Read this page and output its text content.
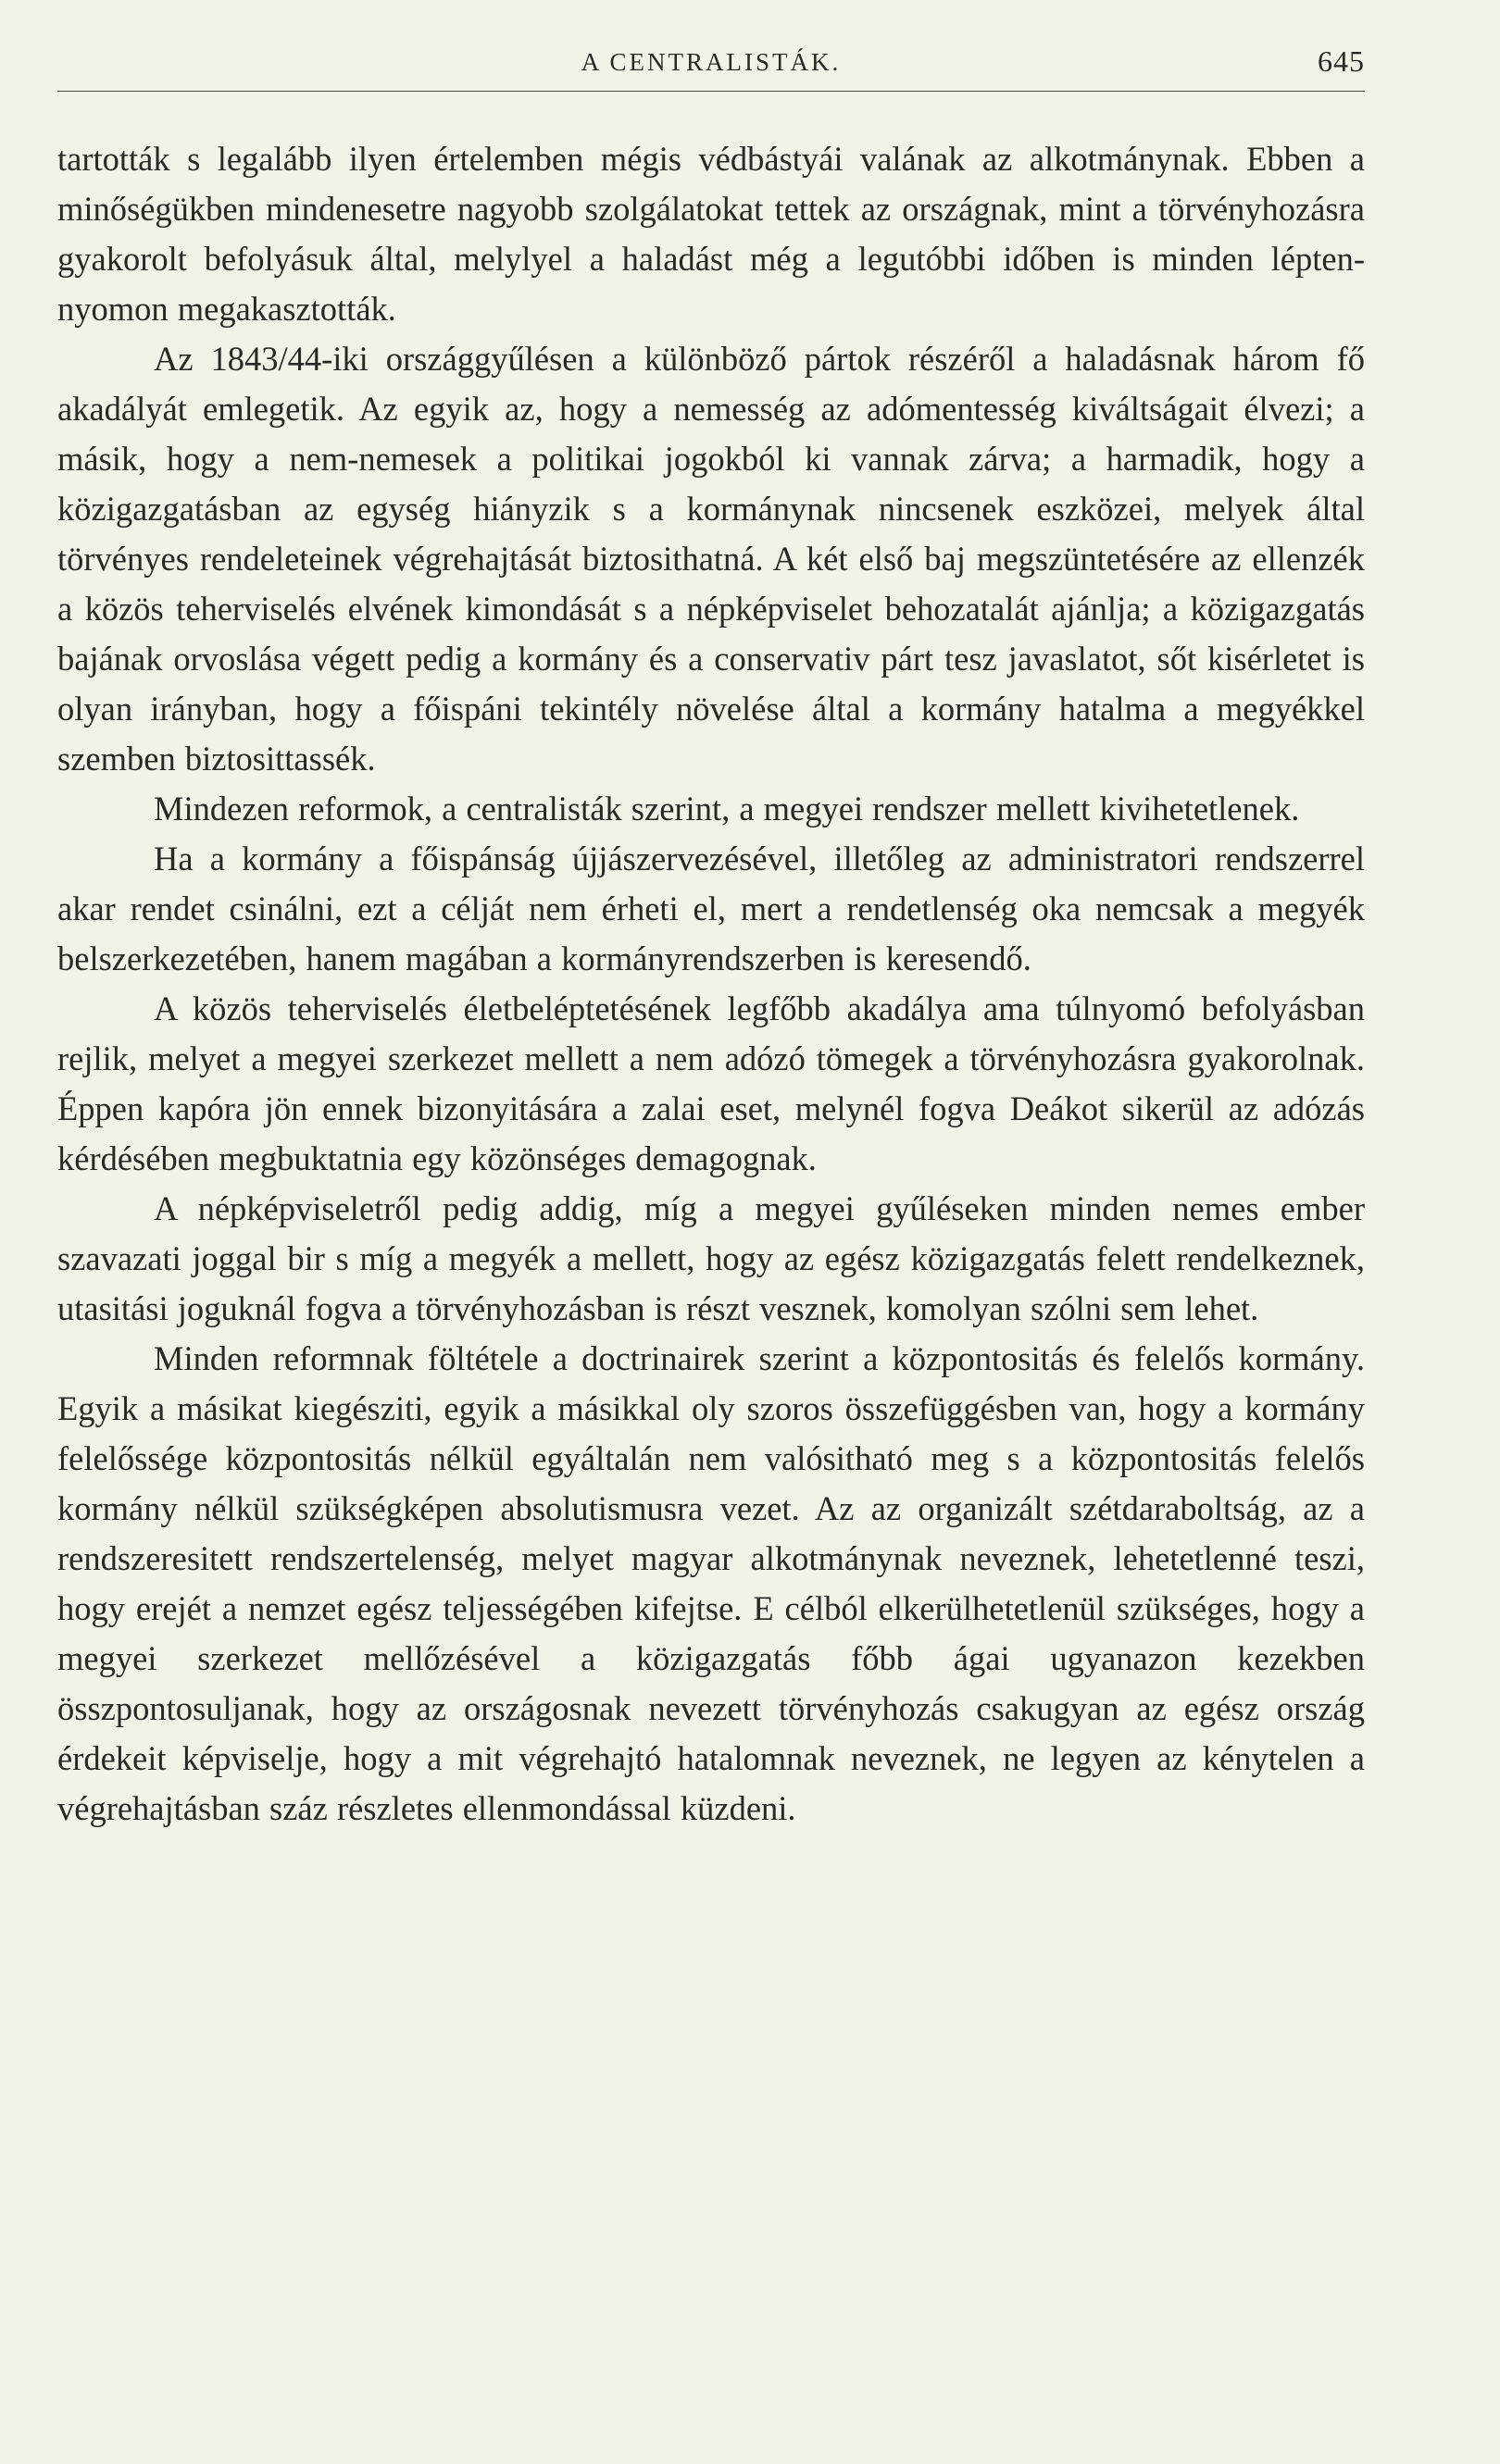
A CENTRALISTÁK.	645

tartották s legalább ilyen értelemben mégis védbástyái valának az alkotmánynak. Ebben a minőségükben mindenesetre nagyobb szolgálatokat tettek az országnak, mint a törvényhozásra gyakorolt befolyásuk által, melylyel a haladást még a legutóbbi időben is minden lépten-nyomon megakasztották.

Az 1843/44-iki országgyűlésen a különböző pártok részéről a haladásnak három fő akadályát emlegetik. Az egyik az, hogy a nemesség az adómentesség kiváltságait élvezi; a másik, hogy a nem-nemesek a politikai jogokból ki vannak zárva; a harmadik, hogy a közigazgatásban az egység hiányzik s a kormánynak nincsenek eszközei, melyek által törvényes rendeleteinek végrehajtását biztosithatná. A két első baj megszüntetésére az ellenzék a közös teherviselés elvének kimondását s a népképviselet behozatalát ajánlja; a közigazgatás bajának orvoslása végett pedig a kormány és a conservativ párt tesz javaslatot, sőt kisérletet is olyan irányban, hogy a főispáni tekintély növelése által a kormány hatalma a megyékkel szemben biztosittassék.

Mindezen reformok, a centralisták szerint, a megyei rendszer mellett kivihetetlenek.

Ha a kormány a főispánság újjászervezésével, illetőleg az administratori rendszerrel akar rendet csinálni, ezt a célját nem érheti el, mert a rendetlenség oka nemcsak a megyék belszerkezetében, hanem magában a kormányrendszerben is keresendő.

A közös teherviselés életbeléptetésének legfőbb akadálya ama túlnyomó befolyásban rejlik, melyet a megyei szerkezet mellett a nem adózó tömegek a törvényhozásra gyakorolnak. Éppen kapóra jön ennek bizonyitására a zalai eset, melynél fogva Deákot sikerül az adózás kérdésében megbuktatnia egy közönséges demagognak.

A népképviseletről pedig addig, míg a megyei gyűléseken minden nemes ember szavazati joggal bir s míg a megyék a mellett, hogy az egész közigazgatás felett rendelkeznek, utasitási joguknál fogva a törvényhozásban is részt vesznek, komolyan szólni sem lehet.

Minden reformnak föltétele a doctrinairek szerint a központositás és felelős kormány. Egyik a másikat kiegésziti, egyik a másikkal oly szoros összefüggésben van, hogy a kormány felelőssége központositás nélkül egyáltalán nem valósitható meg s a központositás felelős kormány nélkül szükségképen absolutismusra vezet. Az az organizált szétdaraboltság, az a rendszeresitett rendszertelenség, melyet magyar alkotmánynak neveznek, lehetetlenné teszi, hogy erejét a nemzet egész teljességében kifejtse. E célból elkerülhetetlenül szükséges, hogy a megyei szerkezet mellőzésével a közigazgatás főbb ágai ugyanazon kezekben összpontosuljanak, hogy az országosnak nevezett törvényhozás csakugyan az egész ország érdekeit képviselje, hogy a mit végrehajtó hatalomnak neveznek, ne legyen az kénytelen a végrehajtásban száz részletes ellenmondással küzdeni.
